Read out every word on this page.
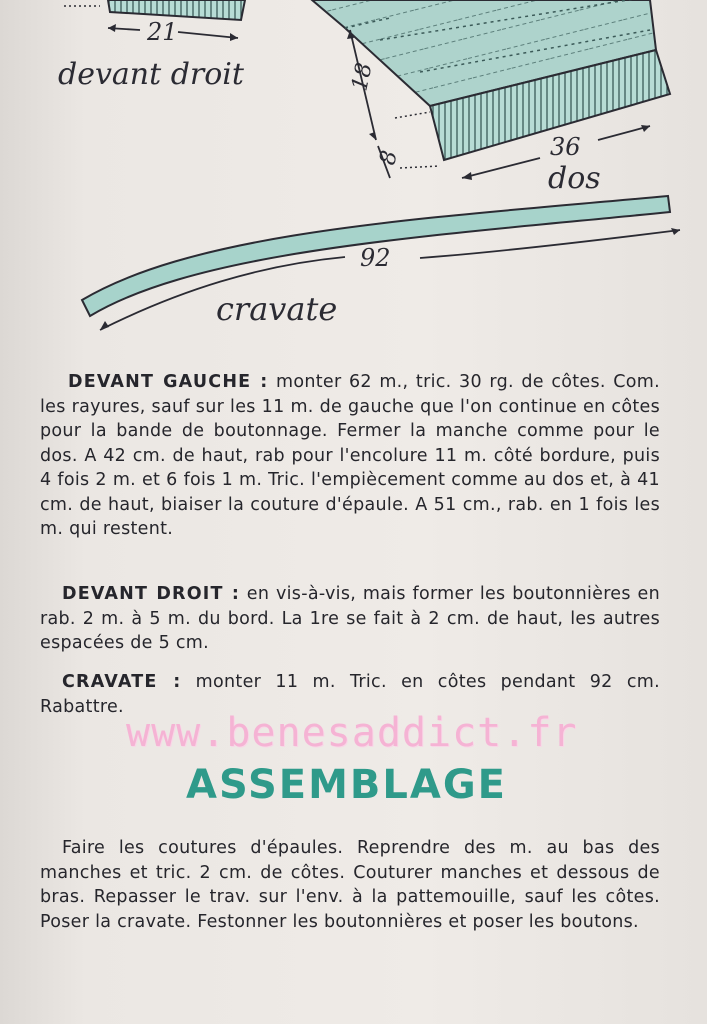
21
devant droit	18
8	36
dos
92
cravate

DEVANT GAUCHE : monter 62 m., tric. 30 rg. de côtes. Com. les rayures, sauf sur les 11 m. de gauche que l'on continue en côtes pour la bande de boutonnage. Fermer la manche comme pour le dos. A 42 cm. de haut, rab pour l'encolure 11 m. côté bordure, puis 4 fois 2 m. et 6 fois 1 m. Tric. l'empiècement comme au dos et, à 41 cm. de haut, biaiser la couture d'épaule. A 51 cm., rab. en 1 fois les m. qui restent.

DEVANT DROIT : en vis-à-vis, mais former les boutonnières en rab. 2 m. à 5 m. du bord. La 1re se fait à 2 cm. de haut, les autres espacées de 5 cm.

CRAVATE : monter 11 m. Tric. en côtes pendant 92 cm. Rabattre.

www.benesaddict.fr
ASSEMBLAGE

Faire les coutures d'épaules. Reprendre des m. au bas des manches et tric. 2 cm. de côtes. Couturer manches et dessous de bras. Repasser le trav. sur l'env. à la pattemouille, sauf les côtes. Poser la cravate. Festonner les boutonnières et poser les boutons.
